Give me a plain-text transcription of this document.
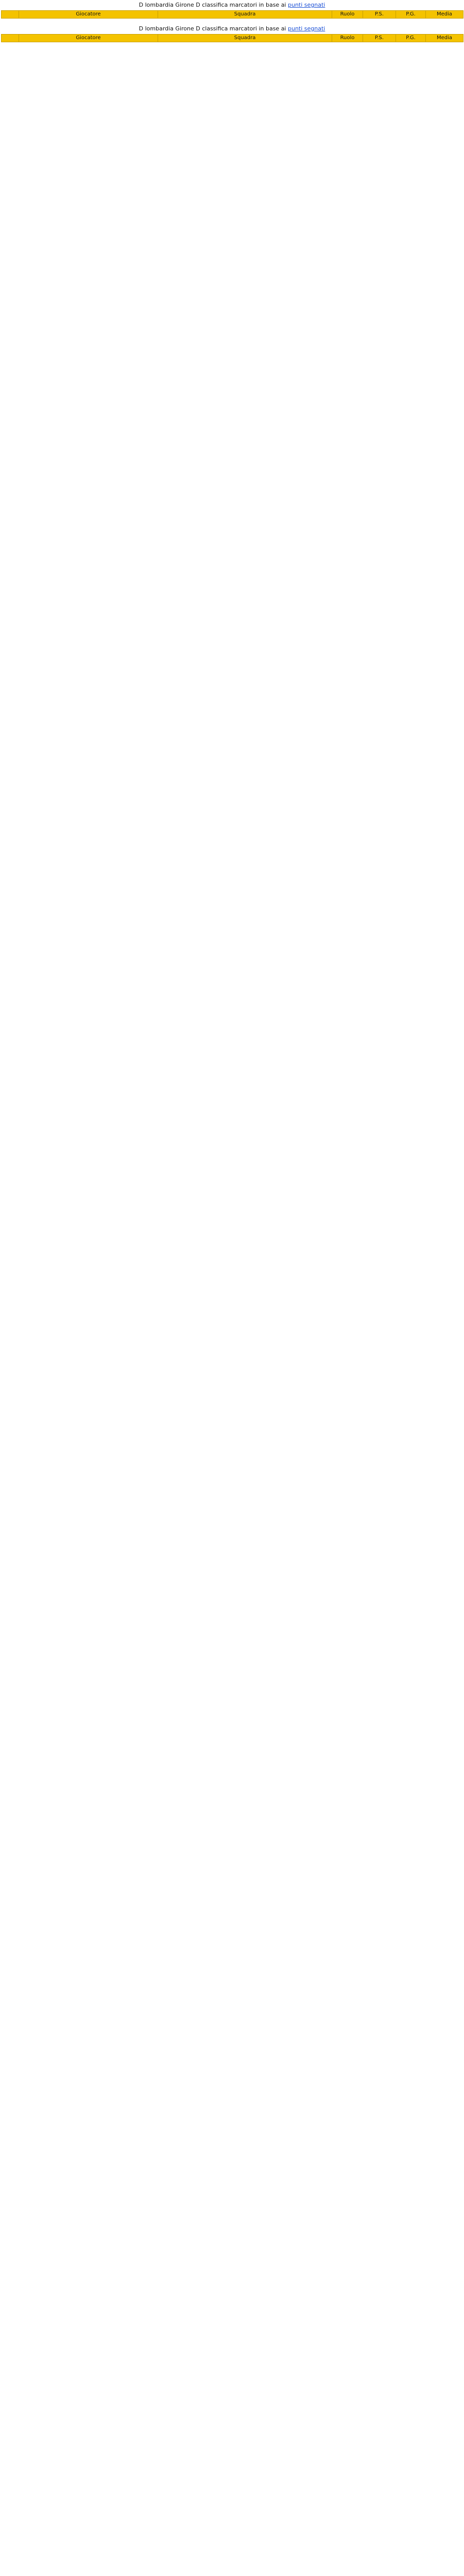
D lombardia Girone D classifica marcatori in base ai punti segnati
	Giocatore	Squadra	Ruolo	P.S.	P.G.	Media
D lombardia Girone D classifica marcatori in base ai punti segnati
	Giocatore	Squadra	Ruolo	P.S.	P.G.	Media
